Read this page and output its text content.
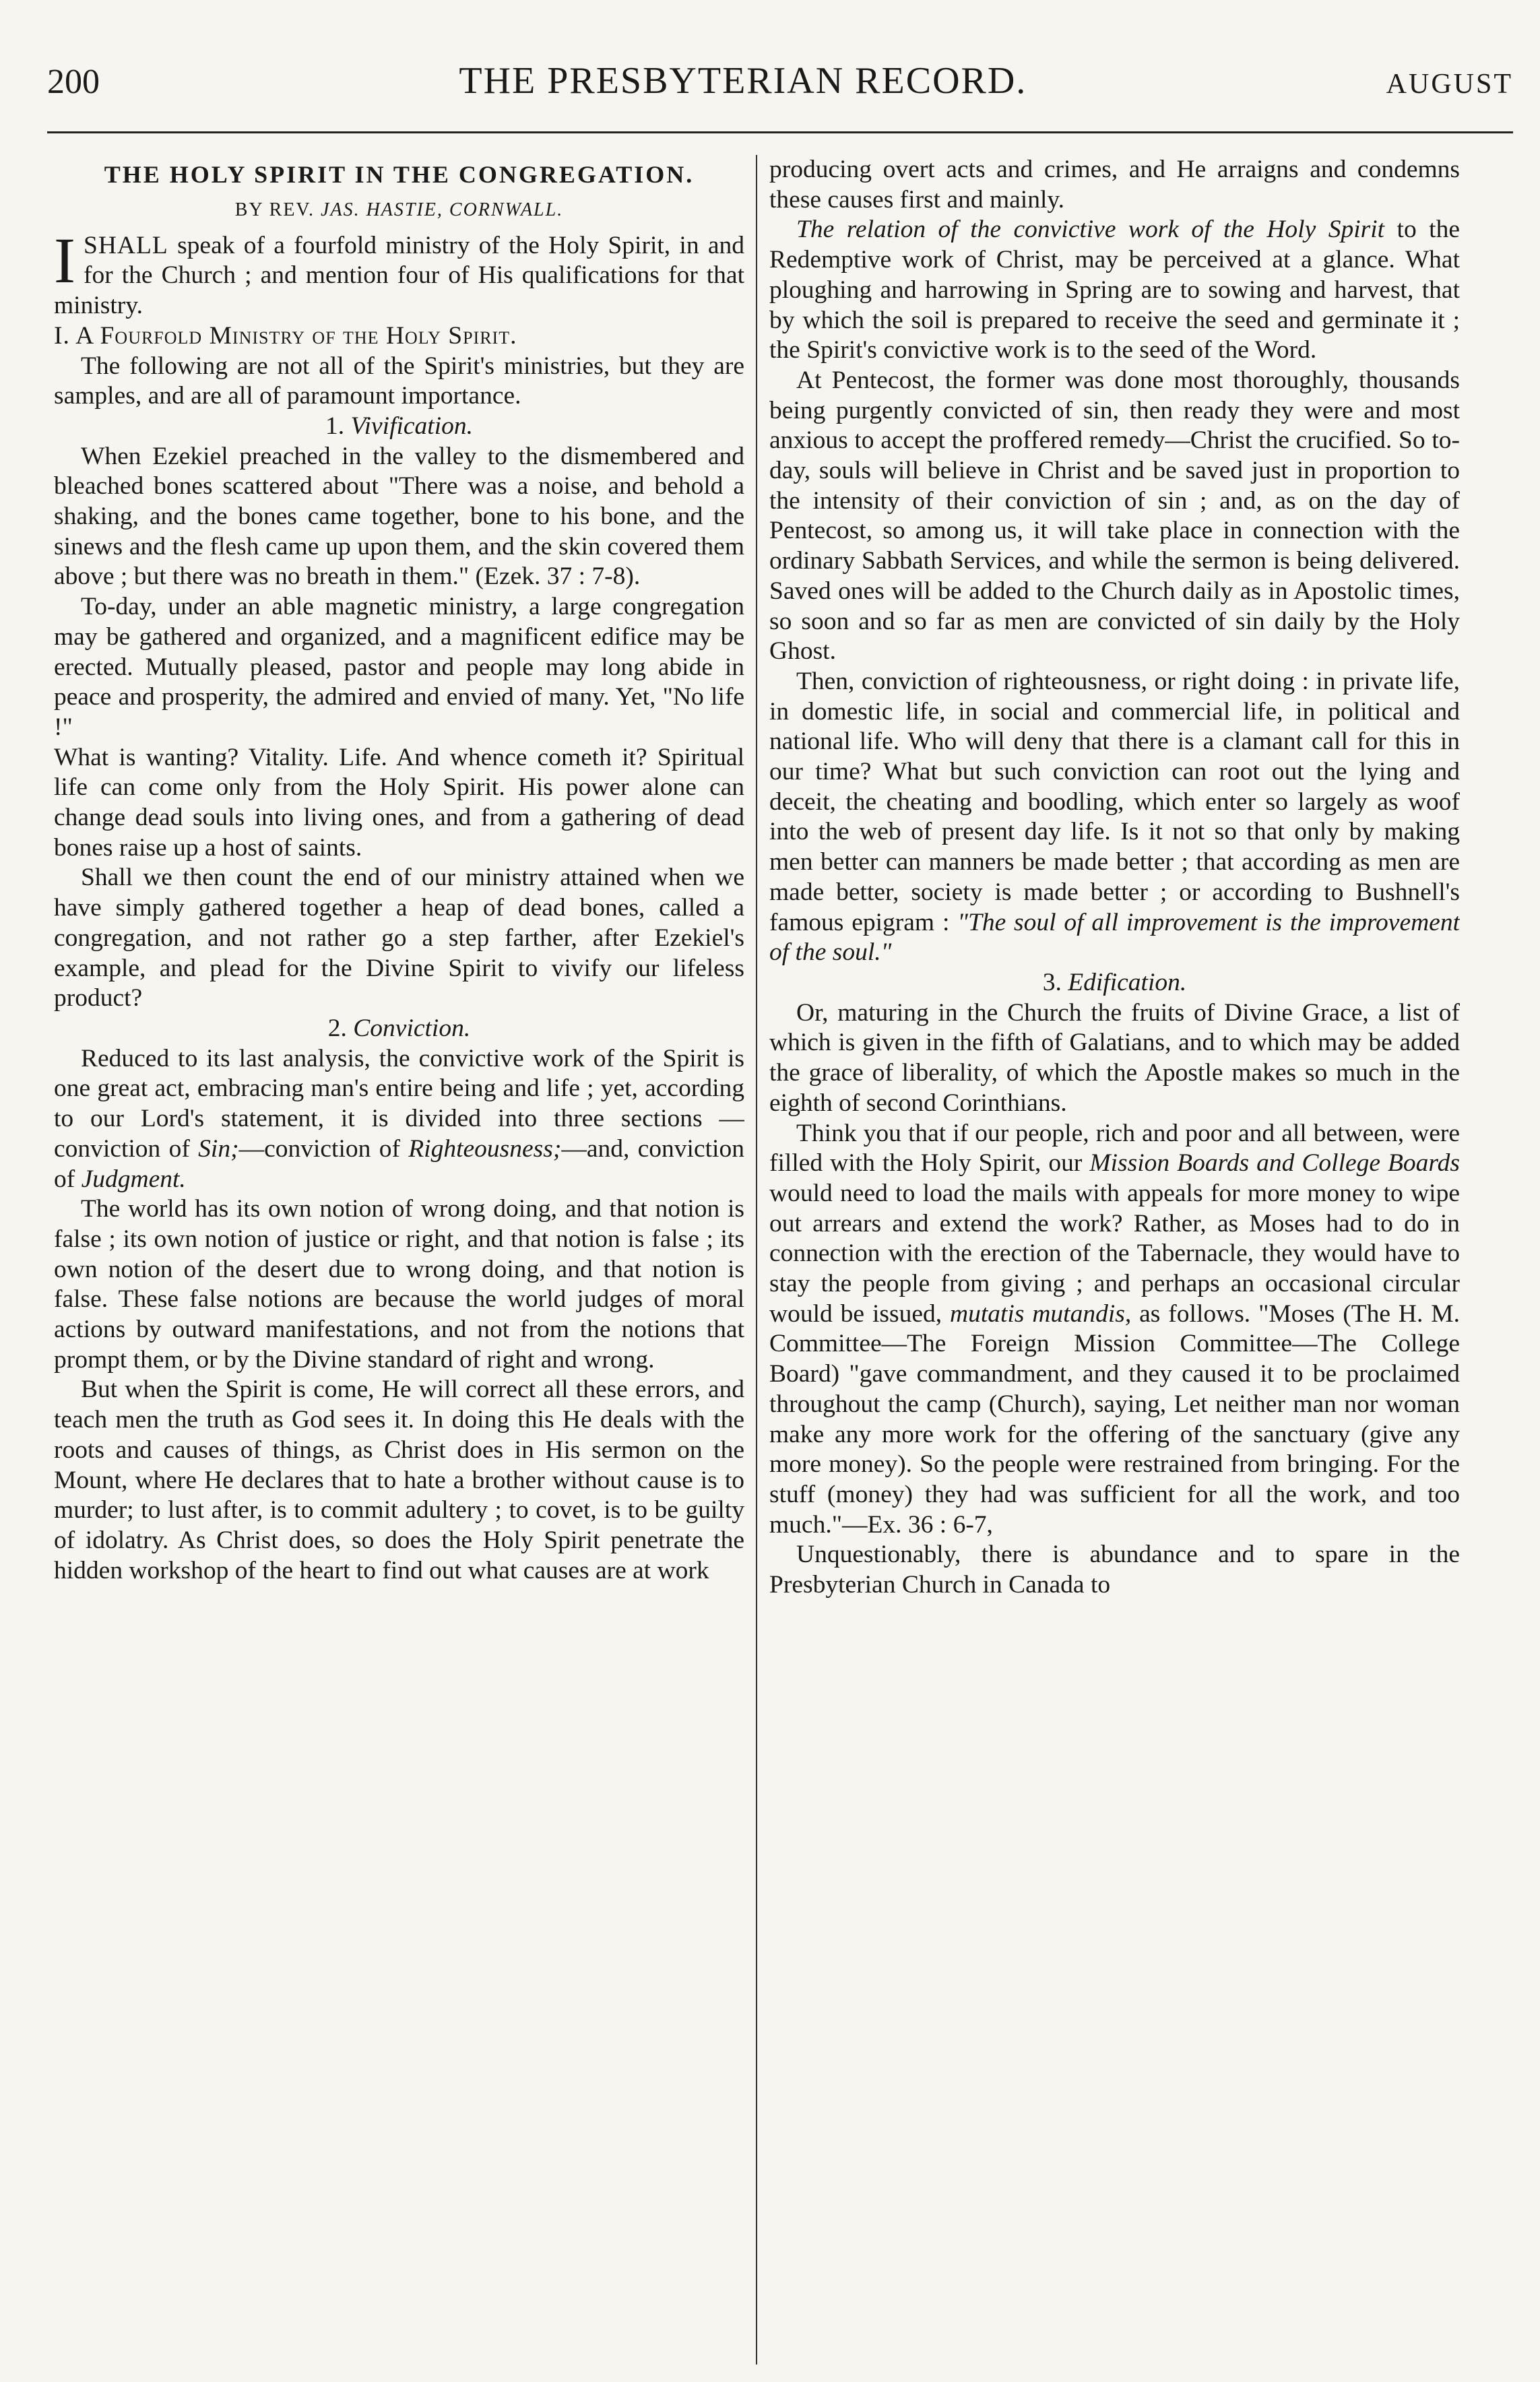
200	THE PRESBYTERIAN RECORD.	AUGUST
THE HOLY SPIRIT IN THE CONGREGATION.
BY REV. JAS. HASTIE, CORNWALL.

I SHALL speak of a fourfold ministry of the Holy Spirit, in and for the Church ; and mention four of His qualifications for that ministry.

I. A Fourfold Ministry of the Holy Spirit.

The following are not all of the Spirit's ministries, but they are samples, and are all of paramount importance.

1. Vivification.

When Ezekiel preached in the valley to the dismembered and bleached bones scattered about "There was a noise, and behold a shaking, and the bones came together, bone to his bone, and the sinews and the flesh came up upon them, and the skin covered them above ; but there was no breath in them." (Ezek. 37 : 7-8).

To-day, under an able magnetic ministry, a large congregation may be gathered and organized, and a magnificent edifice may be erected. Mutually pleased, pastor and people may long abide in peace and prosperity, the admired and envied of many. Yet, "No life !"

What is wanting? Vitality. Life. And whence cometh it? Spiritual life can come only from the Holy Spirit. His power alone can change dead souls into living ones, and from a gathering of dead bones raise up a host of saints.

Shall we then count the end of our ministry attained when we have simply gathered together a heap of dead bones, called a congregation, and not rather go a step farther, after Ezekiel's example, and plead for the Divine Spirit to vivify our lifeless product?

2. Conviction.

Reduced to its last analysis, the convictive work of the Spirit is one great act, embracing man's entire being and life ; yet, according to our Lord's statement, it is divided into three sections —conviction of Sin;—conviction of Righteousness;—and, conviction of Judgment.

The world has its own notion of wrong doing, and that notion is false ; its own notion of justice or right, and that notion is false ; its own notion of the desert due to wrong doing, and that notion is false. These false notions are because the world judges of moral actions by outward manifestations, and not from the notions that prompt them, or by the Divine standard of right and wrong.

But when the Spirit is come, He will correct all these errors, and teach men the truth as God sees it. In doing this He deals with the roots and causes of things, as Christ does in His sermon on the Mount, where He declares that to hate a brother without cause is to murder; to lust after, is to commit adultery ; to covet, is to be guilty of idolatry. As Christ does, so does the Holy Spirit penetrate the hidden workshop of the heart to find out what causes are at work

producing overt acts and crimes, and He arraigns and condemns these causes first and mainly.

The relation of the convictive work of the Holy Spirit to the Redemptive work of Christ, may be perceived at a glance. What ploughing and harrowing in Spring are to sowing and harvest, that by which the soil is prepared to receive the seed and germinate it ; the Spirit's convictive work is to the seed of the Word.

At Pentecost, the former was done most thoroughly, thousands being purgently convicted of sin, then ready they were and most anxious to accept the proffered remedy—Christ the crucified. So to-day, souls will believe in Christ and be saved just in proportion to the intensity of their conviction of sin ; and, as on the day of Pentecost, so among us, it will take place in connection with the ordinary Sabbath Services, and while the sermon is being delivered. Saved ones will be added to the Church daily as in Apostolic times, so soon and so far as men are convicted of sin daily by the Holy Ghost.

Then, conviction of righteousness, or right doing : in private life, in domestic life, in social and commercial life, in political and national life. Who will deny that there is a clamant call for this in our time? What but such conviction can root out the lying and deceit, the cheating and boodling, which enter so largely as woof into the web of present day life. Is it not so that only by making men better can manners be made better ; that according as men are made better, society is made better ; or according to Bushnell's famous epigram : "The soul of all improvement is the improvement of the soul."

3. Edification.

Or, maturing in the Church the fruits of Divine Grace, a list of which is given in the fifth of Galatians, and to which may be added the grace of liberality, of which the Apostle makes so much in the eighth of second Corinthians.

Think you that if our people, rich and poor and all between, were filled with the Holy Spirit, our Mission Boards and College Boards would need to load the mails with appeals for more money to wipe out arrears and extend the work? Rather, as Moses had to do in connection with the erection of the Tabernacle, they would have to stay the people from giving ; and perhaps an occasional circular would be issued, mutatis mutandis, as follows. "Moses (The H. M. Committee—The Foreign Mission Committee—The College Board) "gave commandment, and they caused it to be proclaimed throughout the camp (Church), saying, Let neither man nor woman make any more work for the offering of the sanctuary (give any more money). So the people were restrained from bringing. For the stuff (money) they had was sufficient for all the work, and too much."—Ex. 36 : 6-7,

Unquestionably, there is abundance and to spare in the Presbyterian Church in Canada to
